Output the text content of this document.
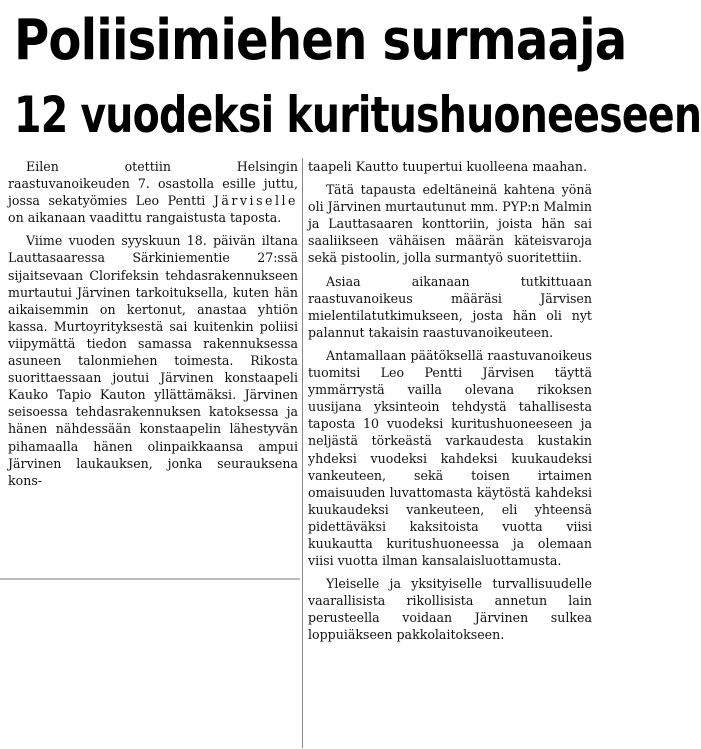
Poliisimiehen surmaaja
12 vuodeksi kuritushuoneeseen

Eilen otettiin Helsingin raastuvanoikeuden 7. osastolla esille juttu, jossa sekatyömies Leo Pentti Järviselle on aikanaan vaadittu rangaistusta taposta.

Viime vuoden syyskuun 18. päivän iltana Lauttasaaressa Särkiniementie 27:ssä sijaitsevaan Clorifeksin tehdasrakennukseen murtautui Järvinen tarkoituksella, kuten hän aikaisemmin on kertonut, anastaa yhtiön kassa. Murtoyrityksestä sai kuitenkin poliisi viipymättä tiedon samassa rakennuksessa asuneen talonmiehen toimesta. Rikosta suorittaessaan joutui Järvinen konstaapeli Kauko Tapio Kauton yllättämäksi. Järvinen seisoessa tehdasrakennuksen katoksessa ja hänen nähdessään konstaapelin lähestyvän pihamaalla hänen olinpaikkaansa ampui Järvinen laukauksen, jonka seurauksena kons-

taapeli Kautto tuupertui kuolleena maahan.

Tätä tapausta edeltäneinä kahtena yönä oli Järvinen murtautunut mm. PYP:n Malmin ja Lauttasaaren konttoriin, joista hän sai saaliikseen vähäisen määrän käteisvaroja sekä pistoolin, jolla surmantyö suoritettiin.

Asiaa aikanaan tutkittuaan raastuvanoikeus määräsi Järvisen mielentilatutkimukseen, josta hän oli nyt palannut takaisin raastuvanoikeuteen.

Antamallaan päätöksellä raastuvanoikeus tuomitsi Leo Pentti Järvisen täyttä ymmärrystä vailla olevana rikoksen uusijana yksinteoin tehdystä tahallisesta taposta 10 vuodeksi kuritushuoneeseen ja neljästä törkeästä varkaudesta kustakin yhdeksi vuodeksi kahdeksi kuukaudeksi vankeuteen, sekä toisen irtaimen omaisuuden luvattomasta käytöstä kahdeksi kuukaudeksi vankeuteen, eli yhteensä pidettäväksi kaksitoista vuotta viisi kuukautta kuritushuoneessa ja olemaan viisi vuotta ilman kansalaisluottamusta.

Yleiselle ja yksityiselle turvallisuudelle vaarallisista rikollisista annetun lain perusteella voidaan Järvinen sulkea loppuiäkseen pakkolaitokseen.
